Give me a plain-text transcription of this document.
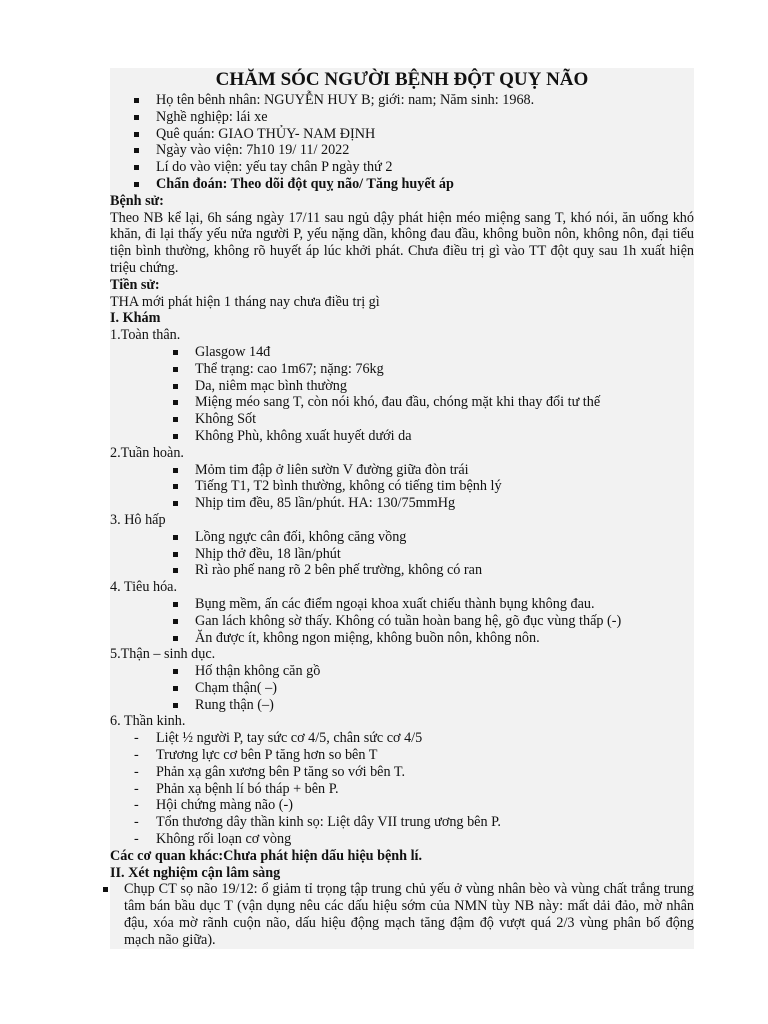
CHĂM SÓC NGƯỜI BỆNH ĐỘT QUỴ NÃO
Họ tên bênh nhân: NGUYỄN HUY B; giới: nam; Năm sinh: 1968.
Nghề nghiệp: lái xe
Quê quán: GIAO THỦY- NAM ĐỊNH
Ngày vào viện: 7h10 19/ 11/ 2022
Lí do vào viện: yếu tay chân P ngày thứ 2
Chẩn đoán: Theo dõi đột quỵ não/ Tăng huyết áp
Bệnh sử:
Theo NB kể lại, 6h sáng ngày 17/11 sau ngủ dậy phát hiện méo miệng sang T, khó nói, ăn uống khó khăn, đi lại thấy yếu nửa người P, yếu nặng dần, không đau đầu, không buồn nôn, không nôn, đại tiểu tiện bình thường, không rõ huyết áp lúc khởi phát. Chưa điều trị gì vào TT đột quỵ sau 1h xuất hiện triệu chứng.
Tiền sử:
THA mới phát hiện 1 tháng nay chưa điều trị gì
I. Khám
1.Toàn thân.
Glasgow 14đ
Thể trạng: cao 1m67; nặng: 76kg
Da, niêm mạc bình thường
Miệng méo sang T, còn nói khó, đau đầu, chóng mặt khi thay đổi tư thế
Không Sốt
Không Phù, không xuất huyết dưới da
2.Tuần hoàn.
Mỏm tim đập ở liên sườn V đường giữa đòn trái
Tiếng T1, T2 bình thường, không có tiếng tim bệnh lý
Nhịp tim đều, 85 lần/phút. HA: 130/75mmHg
3. Hô hấp
Lồng ngực cân đối, không căng vồng
Nhịp thở đều, 18 lần/phút
Rì rào phế nang rõ 2 bên phế trường, không có ran
4. Tiêu hóa.
Bụng mềm, ấn các điểm ngoại khoa xuất chiếu thành bụng không đau.
Gan lách không sờ thấy. Không có tuần hoàn bang hệ, gõ đục vùng thấp (-)
Ăn được ít, không ngon miệng, không buồn nôn, không nôn.
5.Thận – sinh dục.
Hố thận không căn gồ
Chạm thận( –)
Rung thận (–)
6. Thần kinh.
- Liệt ½ người P, tay sức cơ 4/5, chân sức cơ 4/5
- Trương lực cơ bên P tăng hơn so bên T
- Phản xạ gân xương bên P tăng so với bên T.
- Phản xạ bệnh lí bó tháp + bên P.
- Hội chứng màng não (-)
- Tổn thương dây thần kinh sọ: Liệt dây VII trung ương bên P.
- Không rối loạn cơ vòng
Các cơ quan khác:Chưa phát hiện dấu hiệu bệnh lí.
II. Xét nghiệm cận lâm sàng
Chụp CT sọ não 19/12: ổ giảm tỉ trọng tập trung chủ yếu ở vùng nhân bèo và vùng chất trắng trung tâm bán bầu dục T (vận dụng nêu các dấu hiệu sớm của NMN tùy NB này: mất dải đảo, mờ nhân đậu, xóa mờ rãnh cuộn não, dấu hiệu động mạch tăng đậm độ vượt quá 2/3 vùng phân bố động mạch não giữa).
